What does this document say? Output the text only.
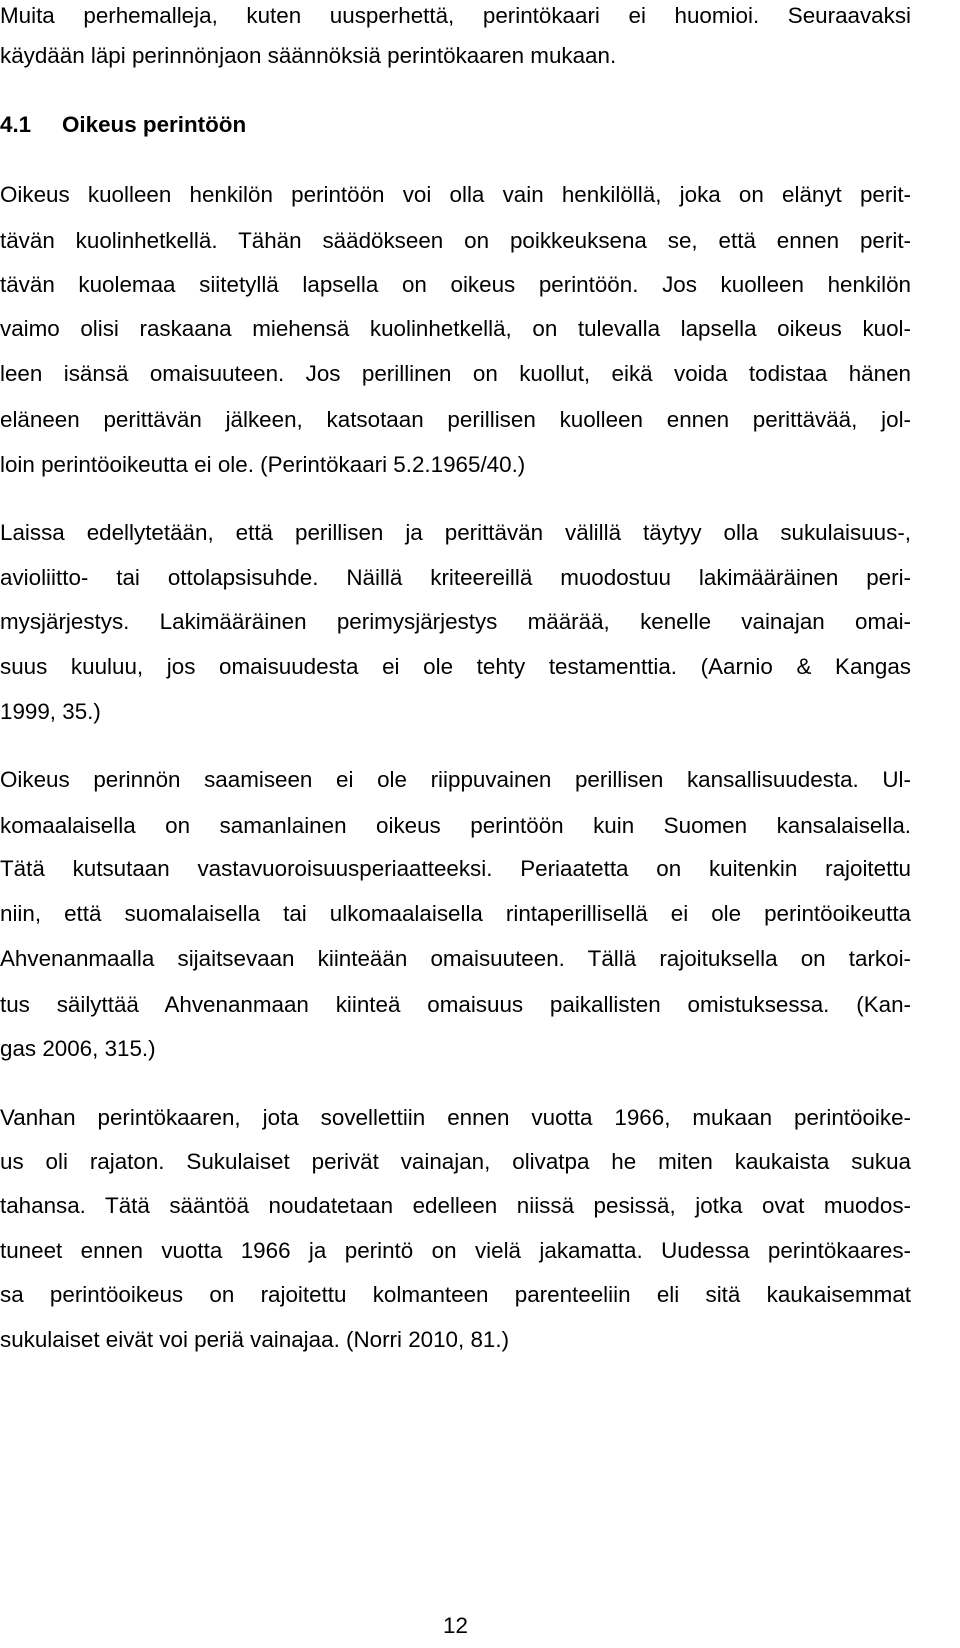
Muita perhemalleja, kuten uusperhettä, perintökaari ei huomioi. Seuraavaksi

käydään läpi perinnönjaon säännöksiä perintökaaren mukaan.

4.1 Oikeus perintöön

Oikeus kuolleen henkilön perintöön voi olla vain henkilöllä, joka on elänyt perit-

tävän kuolinhetkellä. Tähän säädökseen on poikkeuksena se, että ennen perit-

tävän kuolemaa siitetyllä lapsella on oikeus perintöön. Jos kuolleen henkilön

vaimo olisi raskaana miehensä kuolinhetkellä, on tulevalla lapsella oikeus kuol-

leen isänsä omaisuuteen. Jos perillinen on kuollut, eikä voida todistaa hänen

eläneen perittävän jälkeen, katsotaan perillisen kuolleen ennen perittävää, jol-

loin perintöoikeutta ei ole. (Perintökaari 5.2.1965/40.)

Laissa edellytetään, että perillisen ja perittävän välillä täytyy olla sukulaisuus-,

avioliitto- tai ottolapsisuhde. Näillä kriteereillä muodostuu lakimääräinen peri-

mysjärjestys. Lakimääräinen perimysjärjestys määrää, kenelle vainajan omai-

suus kuuluu, jos omaisuudesta ei ole tehty testamenttia. (Aarnio & Kangas

1999, 35.)

Oikeus perinnön saamiseen ei ole riippuvainen perillisen kansallisuudesta. Ul-

komaalaisella on samanlainen oikeus perintöön kuin Suomen kansalaisella.

Tätä kutsutaan vastavuoroisuusperiaatteeksi. Periaatetta on kuitenkin rajoitettu

niin, että suomalaisella tai ulkomaalaisella rintaperillisellä ei ole perintöoikeutta

Ahvenanmaalla sijaitsevaan kiinteään omaisuuteen. Tällä rajoituksella on tarkoi-

tus säilyttää Ahvenanmaan kiinteä omaisuus paikallisten omistuksessa. (Kan-

gas 2006, 315.)

Vanhan perintökaaren, jota sovellettiin ennen vuotta 1966, mukaan perintöoike-

us oli rajaton. Sukulaiset perivät vainajan, olivatpa he miten kaukaista sukua

tahansa. Tätä sääntöä noudatetaan edelleen niissä pesissä, jotka ovat muodos-

tuneet ennen vuotta 1966 ja perintö on vielä jakamatta. Uudessa perintökaares-

sa perintöoikeus on rajoitettu kolmanteen parenteeliin eli sitä kaukaisemmat

sukulaiset eivät voi periä vainajaa. (Norri 2010, 81.)

12
